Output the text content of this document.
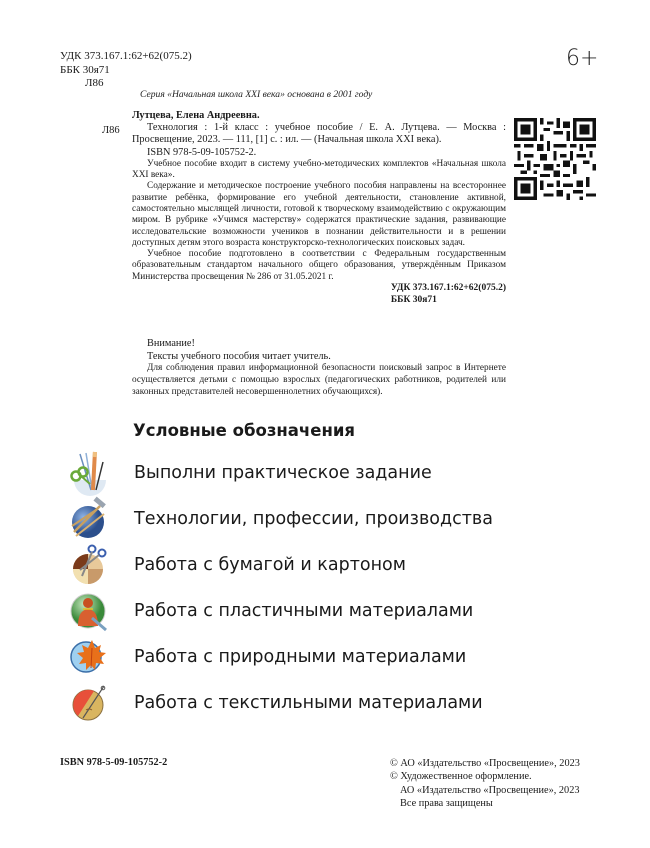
УДК 373.167.1:62+62(075.2)
ББК 30я71
Л86
6+
Серия «Начальная школа XXI века» основана в 2001 году
Л86

Лутцева, Елена Андреевна.

Технология : 1-й класс : учебное пособие / Е. А. Лутцева. — Москва : Просвещение, 2023. — 111, [1] с. : ил. — (Начальная школа XXI века).

ISBN 978-5-09-105752-2.

Учебное пособие входит в систему учебно-методических комплектов «Начальная школа XXI века».

Содержание и методическое построение учебного пособия направлены на всестороннее развитие ребёнка, формирование его учебной деятельности, становление активной, самостоятельно мыслящей личности, готовой к творческому взаимодействию с окружающим миром. В рубрике «Учимся мастерству» содержатся практические задания, развивающие исследовательские возможности учеников в познании действительности и в решении доступных детям этого возраста конструкторско-технологических поисковых задач.

Учебное пособие подготовлено в соответствии с Федеральным государственным образовательным стандартом начального общего образования, утверждённым Приказом Министерства просвещения № 286 от 31.05.2021 г.

УДК 373.167.1:62+62(075.2)
ББК 30я71

Внимание!

Тексты учебного пособия читает учитель.

Для соблюдения правил информационной безопасности поисковый запрос в Интернете осуществляется детьми с помощью взрослых (педагогических работников, родителей или законных представителей несовершеннолетних обучающихся).

Условные обозначения
Выполни практическое задание
Технологии, профессии, производства
Работа с бумагой и картоном
Работа с пластичными материалами
Работа с природными материалами
Работа с текстильными материалами
ISBN 978-5-09-105752-2	© АО «Издательство «Просвещение», 2023
© Художественное оформление.
АО «Издательство «Просвещение», 2023
Все права защищены
